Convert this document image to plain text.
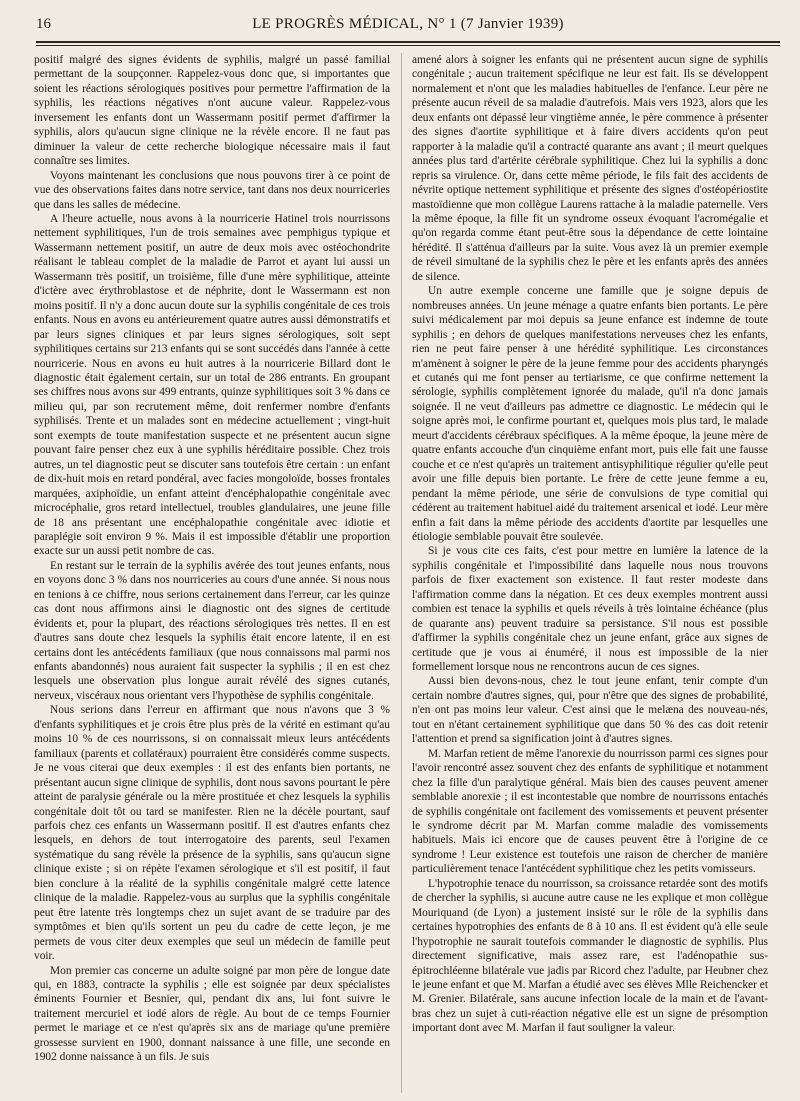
16	LE PROGRÈS MÉDICAL, N° 1 (7 Janvier 1939)

positif malgré des signes évidents de syphilis, malgré un passé familial permettant de la soupçonner. Rappelez-vous donc que, si importantes que soient les réactions sérologiques positives pour permettre l'affirmation de la syphilis, les réactions négatives n'ont aucune valeur. Rappelez-vous inversement les enfants dont un Wassermann positif permet d'affirmer la syphilis, alors qu'aucun signe clinique ne la révèle encore. Il ne faut pas diminuer la valeur de cette recherche biologique nécessaire mais il faut connaître ses limites.

Voyons maintenant les conclusions que nous pouvons tirer à ce point de vue des observations faites dans notre service, tant dans nos deux nourriceries que dans les salles de médecine.

A l'heure actuelle, nous avons à la nourricerie Hatinel trois nourrissons nettement syphilitiques, l'un de trois semaines avec pemphigus typique et Wassermann nettement positif, un autre de deux mois avec ostéochondrite réalisant le tableau complet de la maladie de Parrot et ayant lui aussi un Wassermann très positif, un troisième, fille d'une mère syphilitique, atteinte d'ictère avec érythroblastose et de néphrite, dont le Wassermann est non moins positif. Il n'y a donc aucun doute sur la syphilis congénitale de ces trois enfants. Nous en avons eu antérieurement quatre autres aussi démonstratifs et par leurs signes cliniques et par leurs signes sérologiques, soit sept syphilitiques certains sur 213 enfants qui se sont succédés dans l'année à cette nourricerie. Nous en avons eu huit autres à la nourricerie Billard dont le diagnostic était également certain, sur un total de 286 entrants. En groupant ses chiffres nous avons sur 499 entrants, quinze syphilitiques soit 3 % dans ce milieu qui, par son recrutement même, doit renfermer nombre d'enfants syphilisés. Trente et un malades sont en médecine actuellement ; vingt-huit sont exempts de toute manifestation suspecte et ne présentent aucun signe pouvant faire penser chez eux à une syphilis héréditaire possible. Chez trois autres, un tel diagnostic peut se discuter sans toutefois être certain : un enfant de dix-huit mois en retard pondéral, avec facies mongoloïde, bosses frontales marquées, axiphoïdie, un enfant atteint d'encéphalopathie congénitale avec microcéphalie, gros retard intellectuel, troubles glandulaires, une jeune fille de 18 ans présentant une encéphalopathie congénitale avec idiotie et paraplégie soit environ 9 %. Mais il est impossible d'établir une proportion exacte sur un aussi petit nombre de cas.

En restant sur le terrain de la syphilis avérée des tout jeunes enfants, nous en voyons donc 3 % dans nos nourriceries au cours d'une année. Si nous nous en tenions à ce chiffre, nous serions certainement dans l'erreur, car les quinze cas dont nous affirmons ainsi le diagnostic ont des signes de certitude évidents et, pour la plupart, des réactions sérologiques très nettes. Il en est d'autres sans doute chez lesquels la syphilis était encore latente, il en est certains dont les antécédents familiaux (que nous connaissons mal parmi nos enfants abandonnés) nous auraient fait suspecter la syphilis ; il en est chez lesquels une observation plus longue aurait révélé des signes cutanés, nerveux, viscéraux nous orientant vers l'hypothèse de syphilis congénitale.

Nous serions dans l'erreur en affirmant que nous n'avons que 3 % d'enfants syphilitiques et je crois être plus près de la vérité en estimant qu'au moins 10 % de ces nourrissons, si on connaissait mieux leurs antécédents familiaux (parents et collatéraux) pourraient être considérés comme suspects. Je ne vous citerai que deux exemples : il est des enfants bien portants, ne présentant aucun signe clinique de syphilis, dont nous savons pourtant le père atteint de paralysie générale ou la mère prostituée et chez lesquels la syphilis congénitale doit tôt ou tard se manifester. Rien ne la décèle pourtant, sauf parfois chez ces enfants un Wassermann positif. Il est d'autres enfants chez lesquels, en dehors de tout interrogatoire des parents, seul l'examen systématique du sang révèle la présence de la syphilis, sans qu'aucun signe clinique existe ; si on répète l'examen sérologique et s'il est positif, il faut bien conclure à la réalité de la syphilis congénitale malgré cette latence clinique de la maladie. Rappelez-vous au surplus que la syphilis congénitale peut être latente très longtemps chez un sujet avant de se traduire par des symptômes et bien qu'ils sortent un peu du cadre de cette leçon, je me permets de vous citer deux exemples que seul un médecin de famille peut voir.

Mon premier cas concerne un adulte soigné par mon père de longue date qui, en 1883, contracte la syphilis ; elle est soignée par deux spécialistes éminents Fournier et Besnier, qui, pendant dix ans, lui font suivre le traitement mercuriel et iodé alors de règle. Au bout de ce temps Fournier permet le mariage et ce n'est qu'après six ans de mariage qu'une première grossesse survient en 1900, donnant naissance à une fille, une seconde en 1902 donne naissance à un fils. Je suis

amené alors à soigner les enfants qui ne présentent aucun signe de syphilis congénitale ; aucun traitement spécifique ne leur est fait. Ils se développent normalement et n'ont que les maladies habituelles de l'enfance. Leur père ne présente aucun réveil de sa maladie d'autrefois. Mais vers 1923, alors que les deux enfants ont dépassé leur vingtième année, le père commence à présenter des signes d'aortite syphilitique et à faire divers accidents qu'on peut rapporter à la maladie qu'il a contracté quarante ans avant ; il meurt quelques années plus tard d'artérite cérébrale syphilitique. Chez lui la syphilis a donc repris sa virulence. Or, dans cette même période, le fils fait des accidents de névrite optique nettement syphilitique et présente des signes d'ostéopériostite mastoïdienne que mon collègue Laurens rattache à la maladie paternelle. Vers la même époque, la fille fit un syndrome osseux évoquant l'acromégalie et qu'on regarda comme étant peut-être sous la dépendance de cette lointaine hérédité. Il s'atténua d'ailleurs par la suite. Vous avez là un premier exemple de réveil simultané de la syphilis chez le père et les enfants après des années de silence.

Un autre exemple concerne une famille que je soigne depuis de nombreuses années. Un jeune ménage a quatre enfants bien portants. Le père suivi médicalement par moi depuis sa jeune enfance est indemne de toute syphilis ; en dehors de quelques manifestations nerveuses chez les enfants, rien ne peut faire penser à une hérédité syphilitique. Les circonstances m'amènent à soigner le père de la jeune femme pour des accidents pharyngés et cutanés qui me font penser au tertiarisme, ce que confirme nettement la sérologie, syphilis complètement ignorée du malade, qu'il n'a donc jamais soignée. Il ne veut d'ailleurs pas admettre ce diagnostic. Le médecin qui le soigne après moi, le confirme pourtant et, quelques mois plus tard, le malade meurt d'accidents cérébraux spécifiques. A la même époque, la jeune mère de quatre enfants accouche d'un cinquième enfant mort, puis elle fait une fausse couche et ce n'est qu'après un traitement antisyphilitique régulier qu'elle peut avoir une fille depuis bien portante. Le frère de cette jeune femme a eu, pendant la même période, une série de convulsions de type comitial qui cédèrent au traitement habituel aidé du traitement arsenical et iodé. Leur mère enfin a fait dans la même période des accidents d'aortite par lesquelles une étiologie semblable pouvait être soulevée.

Si je vous cite ces faits, c'est pour mettre en lumière la latence de la syphilis congénitale et l'impossibilité dans laquelle nous nous trouvons parfois de fixer exactement son existence. Il faut rester modeste dans l'affirmation comme dans la négation. Et ces deux exemples montrent aussi combien est tenace la syphilis et quels réveils à très lointaine échéance (plus de quarante ans) peuvent traduire sa persistance. S'il nous est possible d'affirmer la syphilis congénitale chez un jeune enfant, grâce aux signes de certitude que je vous ai énuméré, il nous est impossible de la nier formellement lorsque nous ne rencontrons aucun de ces signes.

Aussi bien devons-nous, chez le tout jeune enfant, tenir compte d'un certain nombre d'autres signes, qui, pour n'être que des signes de probabilité, n'en ont pas moins leur valeur. C'est ainsi que le melæna des nouveau-nés, tout en n'étant certainement syphilitique que dans 50 % des cas doit retenir l'attention et prend sa signification joint à d'autres signes.

M. Marfan retient de même l'anorexie du nourrisson parmi ces signes pour l'avoir rencontré assez souvent chez des enfants de syphilitique et notamment chez la fille d'un paralytique général. Mais bien des causes peuvent amener semblable anorexie ; il est incontestable que nombre de nourrissons entachés de syphilis congénitale ont facilement des vomissements et peuvent présenter le syndrome décrit par M. Marfan comme maladie des vomissements habituels. Mais ici encore que de causes peuvent être à l'origine de ce syndrome ! Leur existence est toutefois une raison de chercher de manière particulièrement tenace l'antécédent syphilitique chez les petits vomisseurs.

L'hypotrophie tenace du nourrisson, sa croissance retardée sont des motifs de chercher la syphilis, si aucune autre cause ne les explique et mon collègue Mouriquand (de Lyon) a justement insisté sur le rôle de la syphilis dans certaines hypotrophies des enfants de 8 à 10 ans. Il est évident qu'à elle seule l'hypotrophie ne saurait toutefois commander le diagnostic de syphilis. Plus directement significative, mais assez rare, est l'adénopathie sus-épitrochléenne bilatérale vue jadis par Ricord chez l'adulte, par Heubner chez le jeune enfant et que M. Marfan a étudié avec ses élèves Mlle Reichencker et M. Grenier. Bilatérale, sans aucune infection locale de la main et de l'avant-bras chez un sujet à cuti-réaction négative elle est un signe de présomption important dont avec M. Marfan il faut souligner la valeur.
